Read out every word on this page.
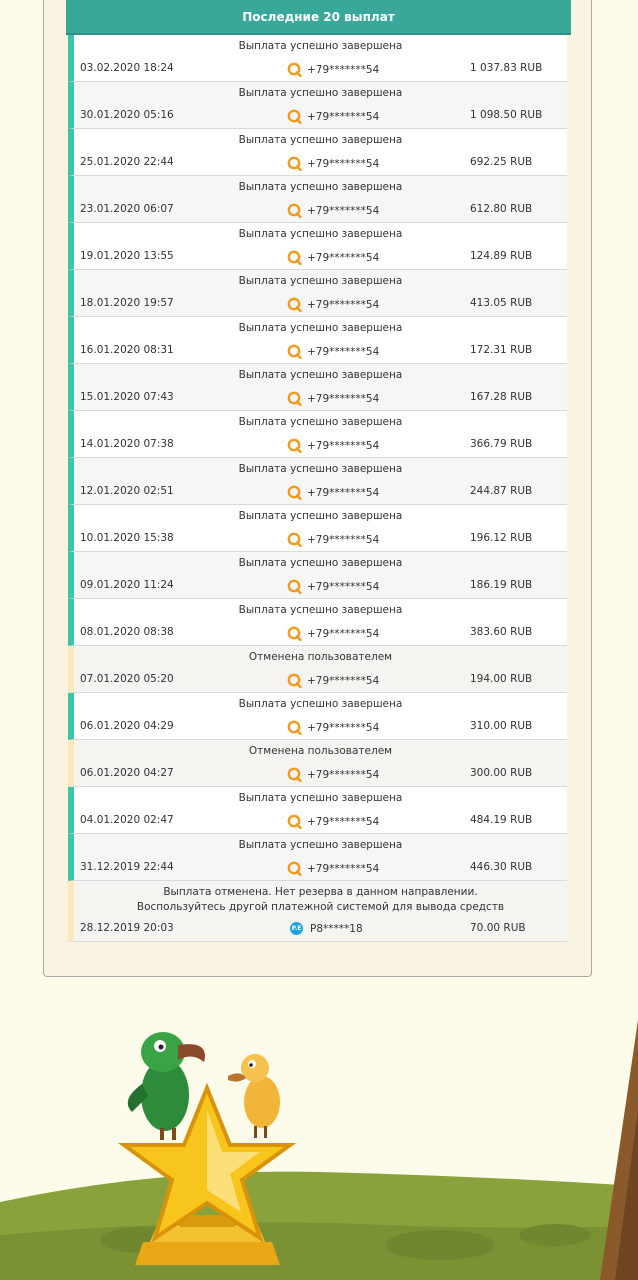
Последние 20 выплат
Выплата успешно завершена
03.02.2020 18:24	+79*******54	1 037.83 RUB
Выплата успешно завершена
30.01.2020 05:16	+79*******54	1 098.50 RUB
Выплата успешно завершена
25.01.2020 22:44	+79*******54	692.25 RUB
Выплата успешно завершена
23.01.2020 06:07	+79*******54	612.80 RUB
Выплата успешно завершена
19.01.2020 13:55	+79*******54	124.89 RUB
Выплата успешно завершена
18.01.2020 19:57	+79*******54	413.05 RUB
Выплата успешно завершена
16.01.2020 08:31	+79*******54	172.31 RUB
Выплата успешно завершена
15.01.2020 07:43	+79*******54	167.28 RUB
Выплата успешно завершена
14.01.2020 07:38	+79*******54	366.79 RUB
Выплата успешно завершена
12.01.2020 02:51	+79*******54	244.87 RUB
Выплата успешно завершена
10.01.2020 15:38	+79*******54	196.12 RUB
Выплата успешно завершена
09.01.2020 11:24	+79*******54	186.19 RUB
Выплата успешно завершена
08.01.2020 08:38	+79*******54	383.60 RUB
Отменена пользователем
07.01.2020 05:20	+79*******54	194.00 RUB
Выплата успешно завершена
06.01.2020 04:29	+79*******54	310.00 RUB
Отменена пользователем
06.01.2020 04:27	+79*******54	300.00 RUB
Выплата успешно завершена
04.01.2020 02:47	+79*******54	484.19 RUB
Выплата успешно завершена
31.12.2019 22:44	+79*******54	446.30 RUB
Выплата отменена. Нет резерва в данном направлении.
Воспользуйтесь другой платежной системой для вывода средств
28.12.2019 20:03	P.E P8*****18	70.00 RUB
